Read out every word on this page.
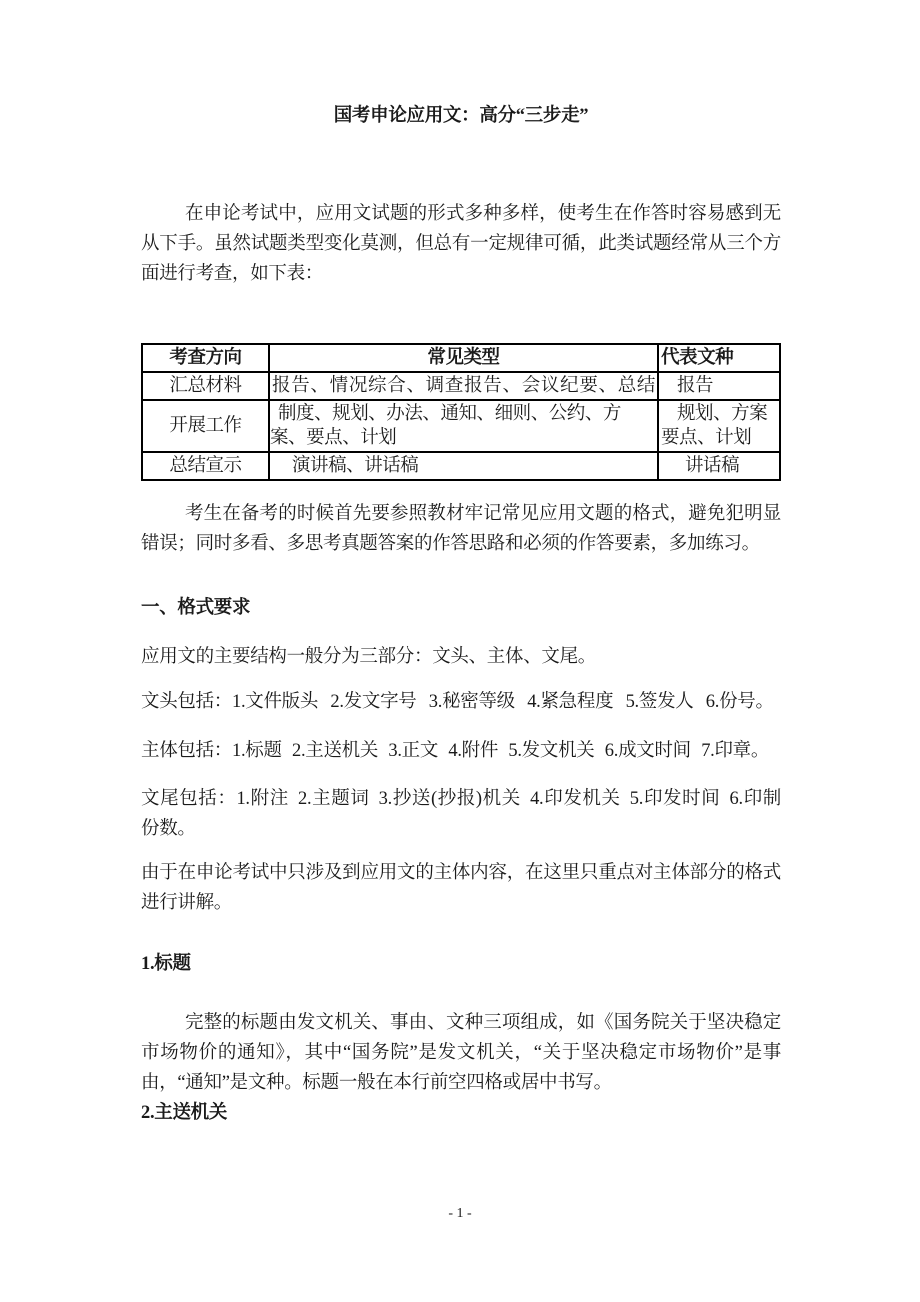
国考申论应用文：高分“三步走”

在申论考试中，应用文试题的形式多种多样，使考生在作答时容易感到无从下手。虽然试题类型变化莫测，但总有一定规律可循，此类试题经常从三个方面进行考查，如下表：

考查方向	常见类型	代表文种
汇总材料	报告、情况综合、调查报告、会议纪要、总结	报告
开展工作	制度、规划、办法、通知、细则、公约、方案、要点、计划	规划、方案
要点、计划
总结宣示	演讲稿、讲话稿	讲话稿

考生在备考的时候首先要参照教材牢记常见应用文题的格式，避免犯明显错误；同时多看、多思考真题答案的作答思路和必须的作答要素，多加练习。

一、格式要求

应用文的主要结构一般分为三部分：文头、主体、文尾。

文头包括：1.文件版头 2.发文字号 3.秘密等级 4.紧急程度 5.签发人 6.份号。

主体包括：1.标题 2.主送机关 3.正文 4.附件 5.发文机关 6.成文时间 7.印章。

文尾包括：1.附注 2.主题词 3.抄送(抄报)机关 4.印发机关 5.印发时间 6.印制
份数。

由于在申论考试中只涉及到应用文的主体内容，在这里只重点对主体部分的格式进行讲解。

1.标题

完整的标题由发文机关、事由、文种三项组成，如《国务院关于坚决稳定市场物价的通知》，其中“国务院”是发文机关，“关于坚决稳定市场物价”是事由，“通知”是文种。标题一般在本行前空四格或居中书写。

2.主送机关
- 1 -
